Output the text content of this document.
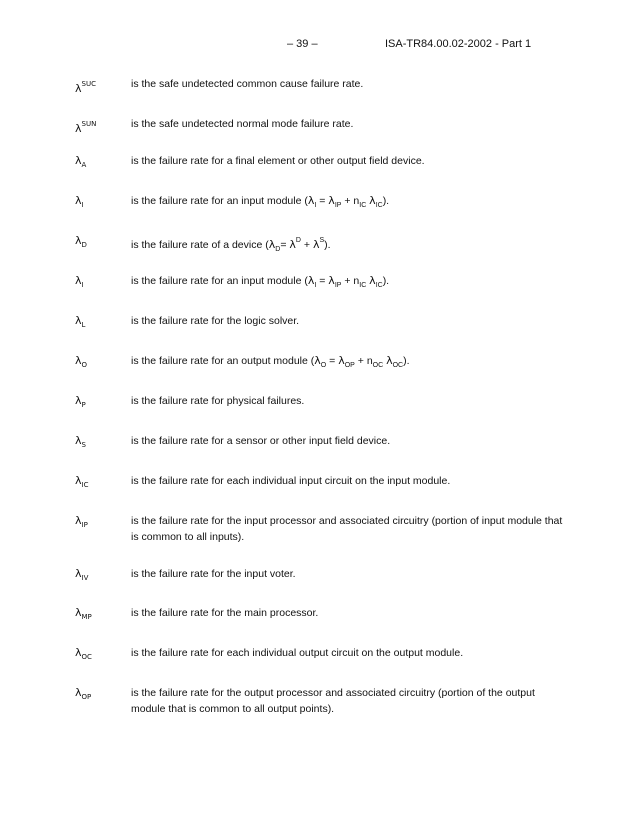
– 39 –	ISA-TR84.00.02-2002 - Part 1
$\lambda^{SUC}$	is the safe undetected common cause failure rate.
$\lambda^{SUN}$	is the safe undetected normal mode failure rate.
$\lambda_A$	is the failure rate for a final element or other output field device.
$\lambda_I$	is the failure rate for an input module ($\lambda_I = \lambda_{IP} + n_{IC}$ $\lambda_{IC}$).
$\lambda_D$	is the failure rate of a device $(\lambda_D= \lambda^D + \lambda^S)$.
$\lambda_I$	is the failure rate for an input module ($\lambda_I = \lambda_{IP} + n_{IC}$ $\lambda_{IC}$).
$\lambda_L$	is the failure rate for the logic solver.
$\lambda_O$	is the failure rate for an output module ($\lambda_O = \lambda_{OP} + n_{OC}$ $\lambda_{OC}$).
$\lambda_P$	is the failure rate for physical failures.
$\lambda_S$	is the failure rate for a sensor or other input field device.
$\lambda_{IC}$	is the failure rate for each individual input circuit on the input module.
$\lambda_{IP}$	is the failure rate for the input processor and associated circuitry (portion of input module that
is common to all inputs).
$\lambda_{IV}$	is the failure rate for the input voter.
$\lambda_{MP}$	is the failure rate for the main processor.
$\lambda_{OC}$	is the failure rate for each individual output circuit on the output module.
$\lambda_{OP}$	is the failure rate for the output processor and associated circuitry (portion of the output
module that is common to all output points).
